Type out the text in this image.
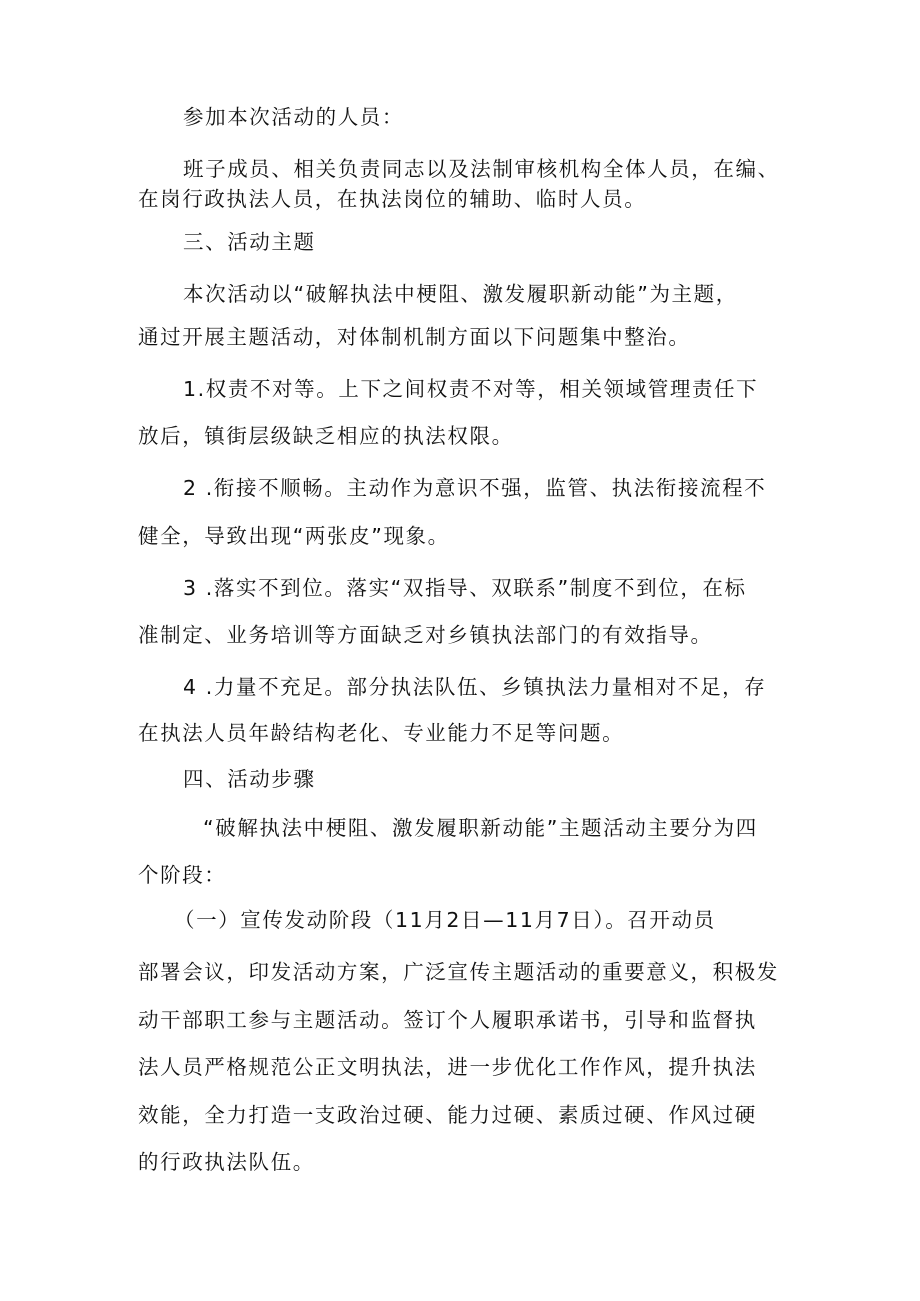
参加本次活动的人员：
班子成员、相关负责同志以及法制审核机构全体人员，在编、
在岗行政执法人员，在执法岗位的辅助、临时人员。
三、活动主题
本次活动以“破解执法中梗阻、激发履职新动能”为主题，
通过开展主题活动，对体制机制方面以下问题集中整治。
1.权责不对等。上下之间权责不对等，相关领域管理责任下
放后，镇街层级缺乏相应的执法权限。
2 .衔接不顺畅。主动作为意识不强，监管、执法衔接流程不
健全，导致出现“两张皮”现象。
3 .落实不到位。落实“双指导、双联系”制度不到位，在标
准制定、业务培训等方面缺乏对乡镇执法部门的有效指导。
4 .力量不充足。部分执法队伍、乡镇执法力量相对不足，存
在执法人员年龄结构老化、专业能力不足等问题。
四、活动步骤
“破解执法中梗阻、激发履职新动能”主题活动主要分为四
个阶段：
（一）宣传发动阶段（11月2日—11月7日）。召开动员
部署会议，印发活动方案，广泛宣传主题活动的重要意义，积极发
动干部职工参与主题活动。签订个人履职承诺书，引导和监督执
法人员严格规范公正文明执法，进一步优化工作作风，提升执法
效能，全力打造一支政治过硬、能力过硬、素质过硬、作风过硬
的行政执法队伍。
